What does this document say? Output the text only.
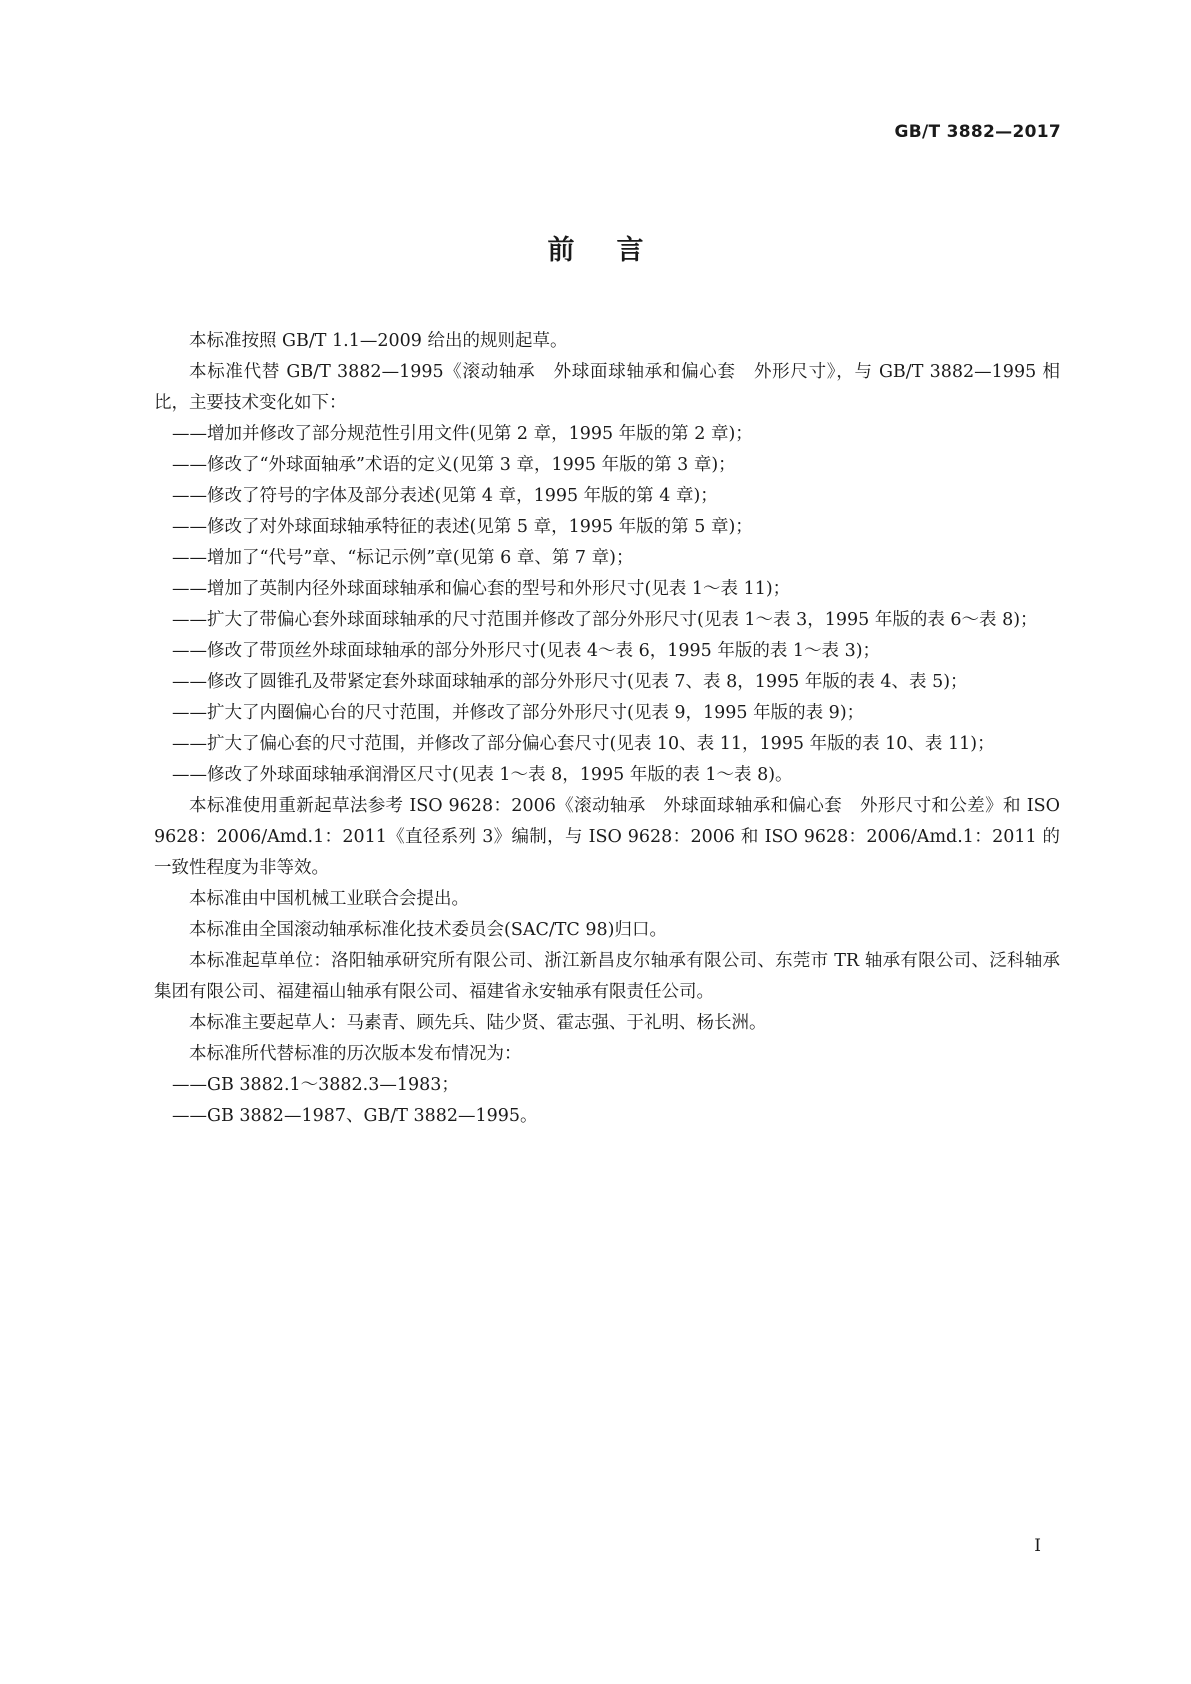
GB/T 3882—2017
前言

本标准按照 GB/T 1.1—2009 给出的规则起草。

本标准代替 GB/T 3882—1995《滚动轴承　外球面球轴承和偏心套　外形尺寸》，与 GB/T 3882—1995 相比，主要技术变化如下：

——增加并修改了部分规范性引用文件(见第 2 章，1995 年版的第 2 章)；

——修改了“外球面轴承”术语的定义(见第 3 章，1995 年版的第 3 章)；

——修改了符号的字体及部分表述(见第 4 章，1995 年版的第 4 章)；

——修改了对外球面球轴承特征的表述(见第 5 章，1995 年版的第 5 章)；

——增加了“代号”章、“标记示例”章(见第 6 章、第 7 章)；

——增加了英制内径外球面球轴承和偏心套的型号和外形尺寸(见表 1～表 11)；

——扩大了带偏心套外球面球轴承的尺寸范围并修改了部分外形尺寸(见表 1～表 3，1995 年版的表 6～表 8)；

——修改了带顶丝外球面球轴承的部分外形尺寸(见表 4～表 6，1995 年版的表 1～表 3)；

——修改了圆锥孔及带紧定套外球面球轴承的部分外形尺寸(见表 7、表 8，1995 年版的表 4、表 5)；

——扩大了内圈偏心台的尺寸范围，并修改了部分外形尺寸(见表 9，1995 年版的表 9)；

——扩大了偏心套的尺寸范围，并修改了部分偏心套尺寸(见表 10、表 11，1995 年版的表 10、表 11)；

——修改了外球面球轴承润滑区尺寸(见表 1～表 8，1995 年版的表 1～表 8)。

本标准使用重新起草法参考 ISO 9628：2006《滚动轴承　外球面球轴承和偏心套　外形尺寸和公差》和 ISO 9628：2006/Amd.1：2011《直径系列 3》编制，与 ISO 9628：2006 和 ISO 9628：2006/Amd.1：2011 的一致性程度为非等效。

本标准由中国机械工业联合会提出。

本标准由全国滚动轴承标准化技术委员会(SAC/TC 98)归口。

本标准起草单位：洛阳轴承研究所有限公司、浙江新昌皮尔轴承有限公司、东莞市 TR 轴承有限公司、泛科轴承集团有限公司、福建福山轴承有限公司、福建省永安轴承有限责任公司。

本标准主要起草人：马素青、顾先兵、陆少贤、霍志强、于礼明、杨长洲。

本标准所代替标准的历次版本发布情况为：

——GB 3882.1～3882.3—1983；

——GB 3882—1987、GB/T 3882—1995。

I
